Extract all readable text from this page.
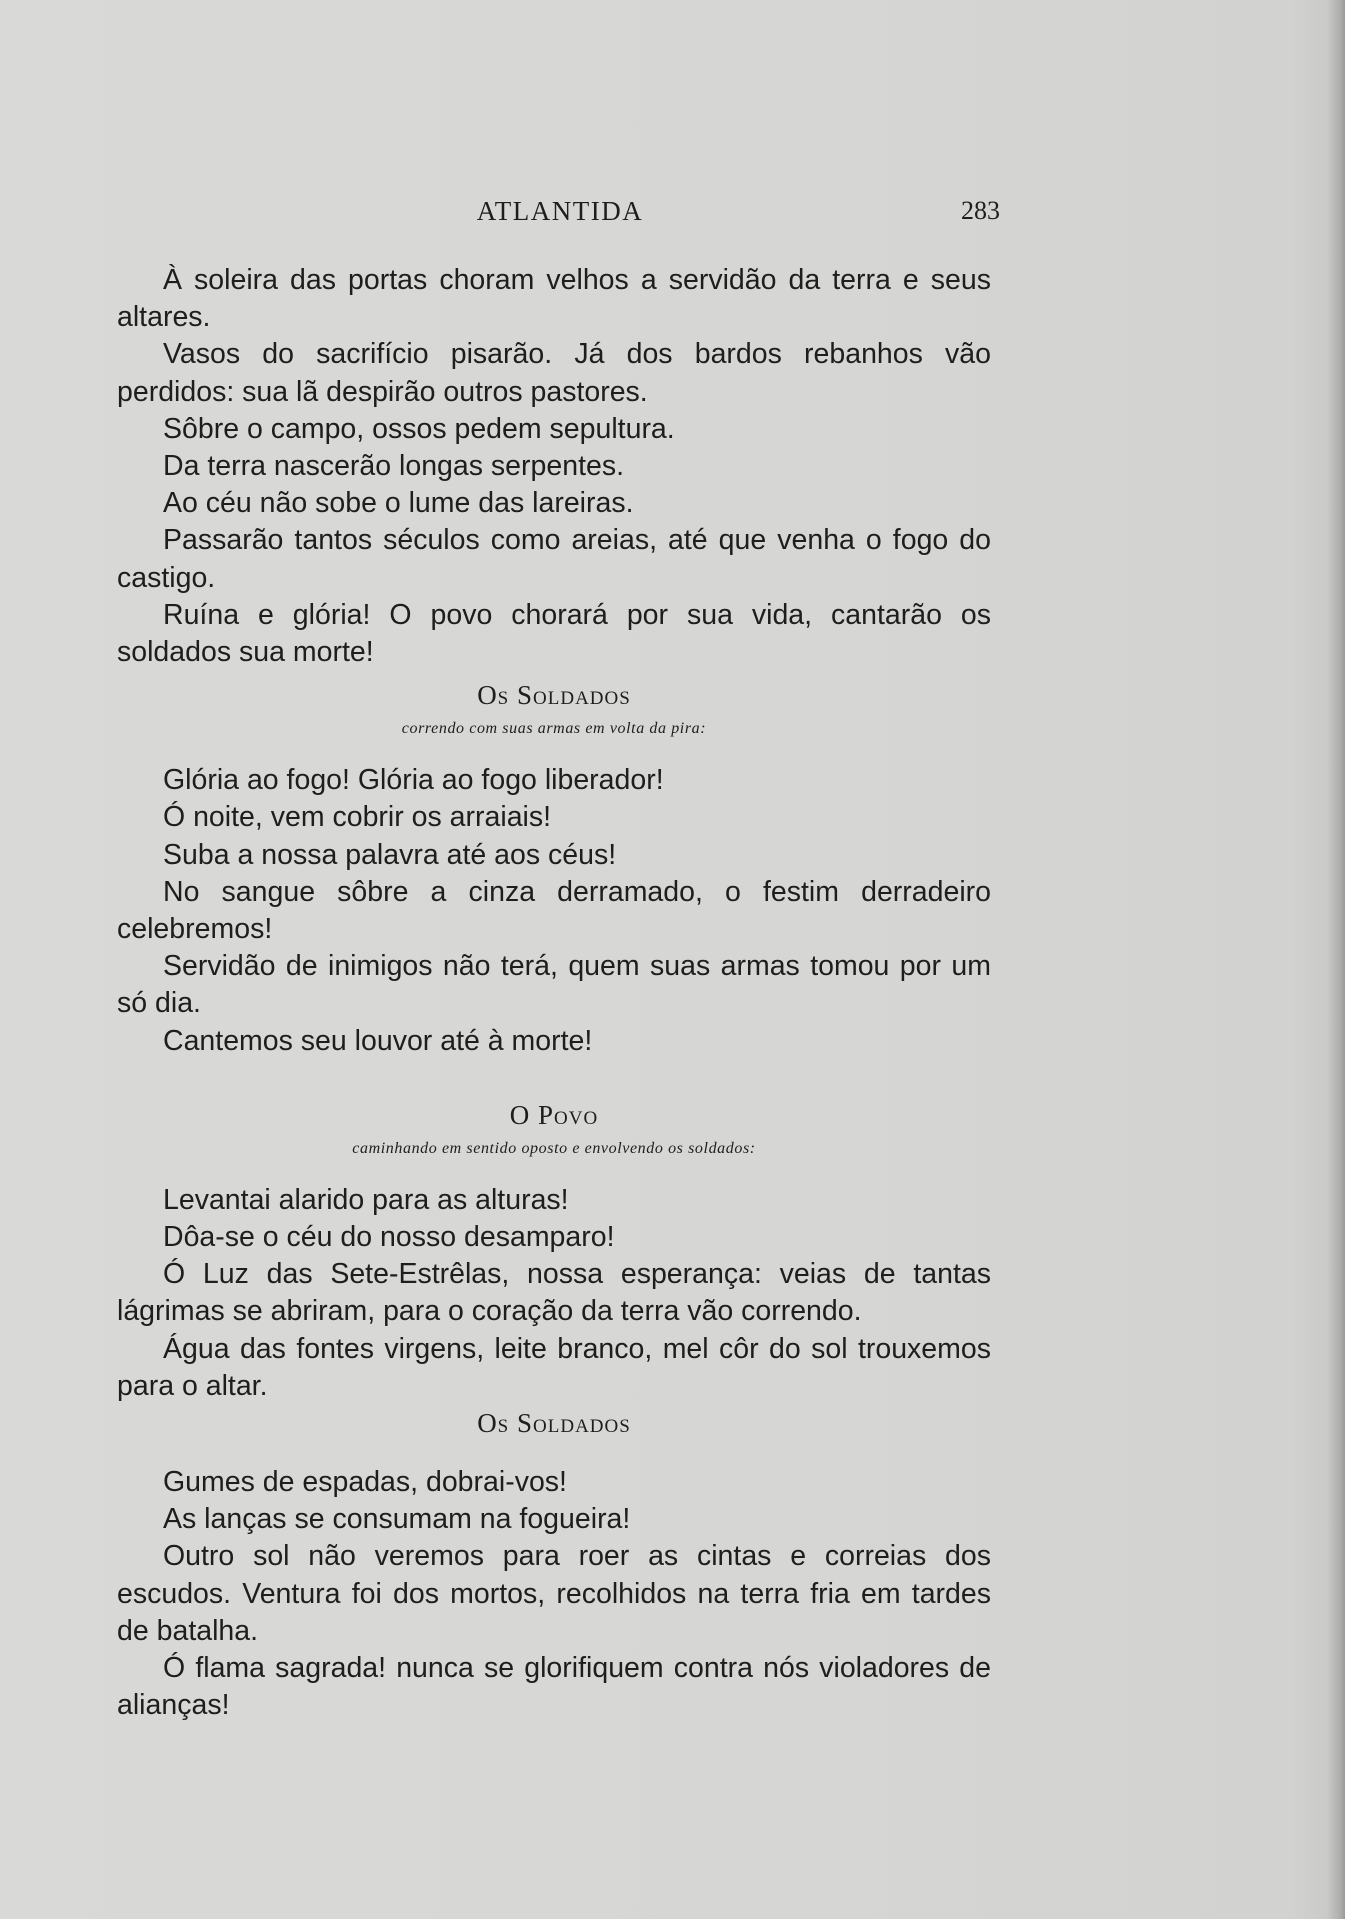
ATLANTIDA	283

À soleira das portas choram velhos a servidão da terra e seus altares.

Vasos do sacrifício pisarão. Já dos bardos rebanhos vão perdidos: sua lã despirão outros pastores.

Sôbre o campo, ossos pedem sepultura.

Da terra nascerão longas serpentes.

Ao céu não sobe o lume das lareiras.

Passarão tantos séculos como areias, até que venha o fogo do castigo.

Ruína e glória! O povo chorará por sua vida, cantarão os soldados sua morte!

Os Soldados
correndo com suas armas em volta da pira:

Glória ao fogo! Glória ao fogo liberador!

Ó noite, vem cobrir os arraiais!

Suba a nossa palavra até aos céus!

No sangue sôbre a cinza derramado, o festim derradeiro celebremos!

Servidão de inimigos não terá, quem suas armas tomou por um só dia.

Cantemos seu louvor até à morte!

O Povo
caminhando em sentido oposto e envolvendo os soldados:

Levantai alarido para as alturas!

Dôa-se o céu do nosso desamparo!

Ó Luz das Sete-Estrêlas, nossa esperança: veias de tantas lágrimas se abriram, para o coração da terra vão correndo.

Água das fontes virgens, leite branco, mel côr do sol trouxemos para o altar.

Os Soldados

Gumes de espadas, dobrai-vos!

As lanças se consumam na fogueira!

Outro sol não veremos para roer as cintas e correias dos escudos. Ventura foi dos mortos, recolhidos na terra fria em tardes de batalha.

Ó flama sagrada! nunca se glorifiquem contra nós violadores de alianças!
